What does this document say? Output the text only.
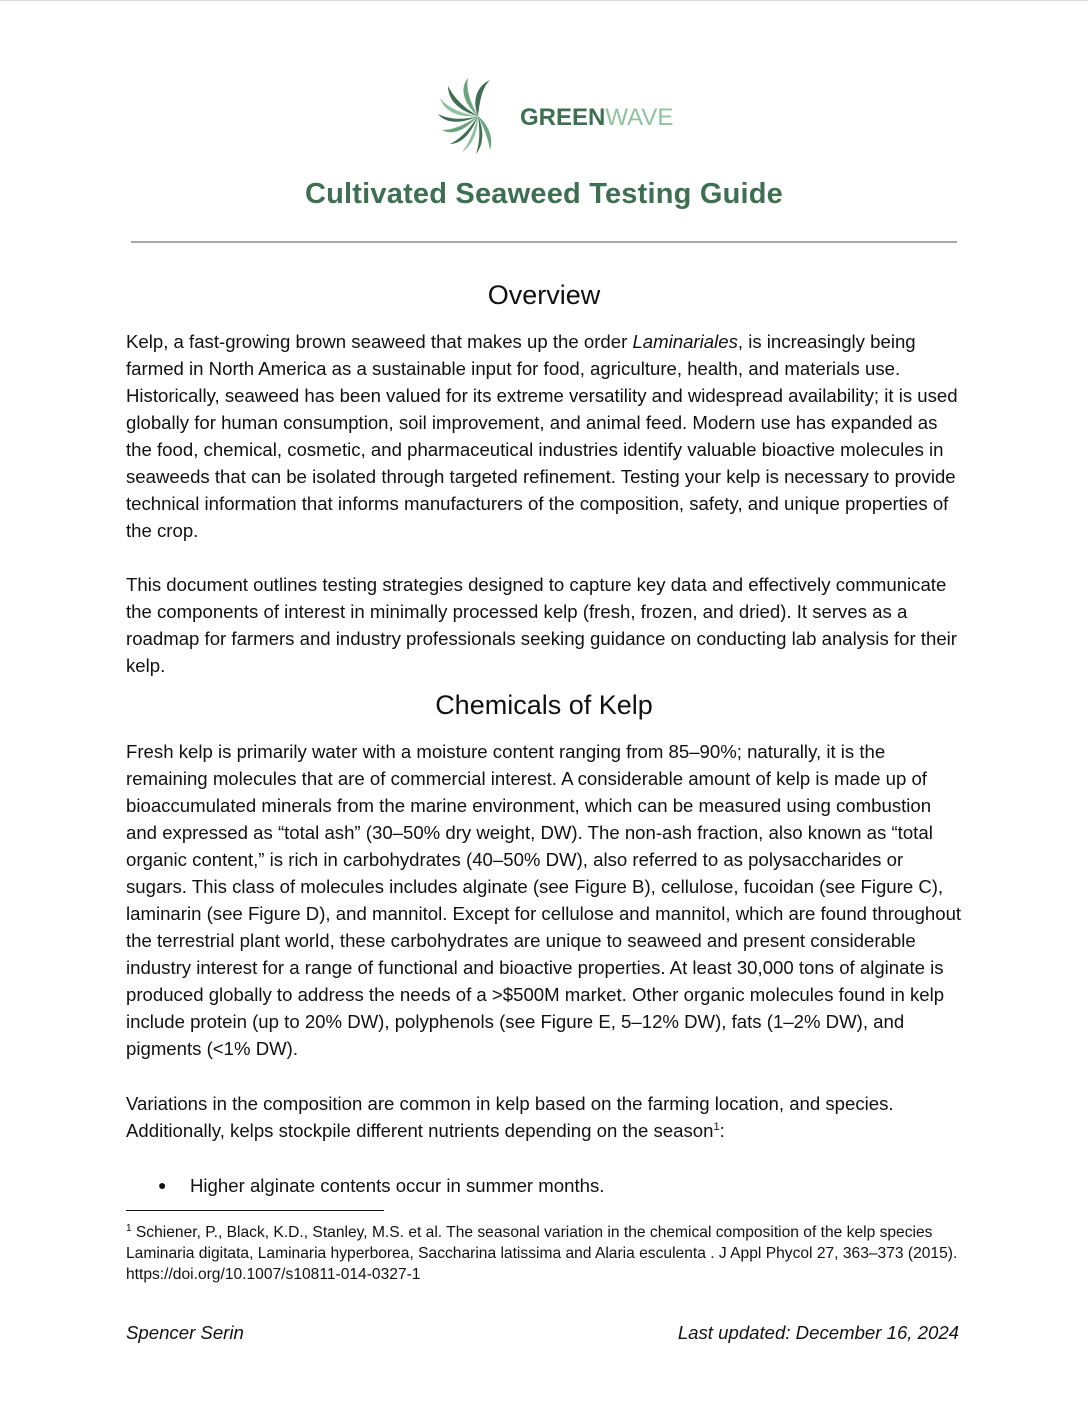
GREENWAVE
Cultivated Seaweed Testing Guide
Overview

Kelp, a fast-growing brown seaweed that makes up the order Laminariales, is increasingly being farmed in North America as a sustainable input for food, agriculture, health, and materials use. Historically, seaweed has been valued for its extreme versatility and widespread availability; it is used globally for human consumption, soil improvement, and animal feed. Modern use has expanded as the food, chemical, cosmetic, and pharmaceutical industries identify valuable bioactive molecules in seaweeds that can be isolated through targeted refinement. Testing your kelp is necessary to provide technical information that informs manufacturers of the composition, safety, and unique properties of the crop.

This document outlines testing strategies designed to capture key data and effectively communicate the components of interest in minimally processed kelp (fresh, frozen, and dried). It serves as a roadmap for farmers and industry professionals seeking guidance on conducting lab analysis for their kelp.

Chemicals of Kelp

Fresh kelp is primarily water with a moisture content ranging from 85–90%; naturally, it is the remaining molecules that are of commercial interest. A considerable amount of kelp is made up of bioaccumulated minerals from the marine environment, which can be measured using combustion and expressed as “total ash” (30–50% dry weight, DW). The non-ash fraction, also known as “total organic content,” is rich in carbohydrates (40–50% DW), also referred to as polysaccharides or sugars. This class of molecules includes alginate (see Figure B), cellulose, fucoidan (see Figure C), laminarin (see Figure D), and mannitol. Except for cellulose and mannitol, which are found throughout the terrestrial plant world, these carbohydrates are unique to seaweed and present considerable industry interest for a range of functional and bioactive properties. At least 30,000 tons of alginate is produced globally to address the needs of a >$500M market. Other organic molecules found in kelp include protein (up to 20% DW), polyphenols (see Figure E, 5–12% DW), fats (1–2% DW), and pigments (<1% DW).

Variations in the composition are common in kelp based on the farming location, and species. Additionally, kelps stockpile different nutrients depending on the season$^1$:

● Higher alginate contents occur in summer months.

$^1$ Schiener, P., Black, K.D., Stanley, M.S. et al. The seasonal variation in the chemical composition of the kelp species Laminaria digitata, Laminaria hyperborea, Saccharina latissima and Alaria esculenta . J Appl Phycol 27, 363–373 (2015). https://doi.org/10.1007/s10811-014-0327-1

Spencer Serin	Last updated: December 16, 2024
